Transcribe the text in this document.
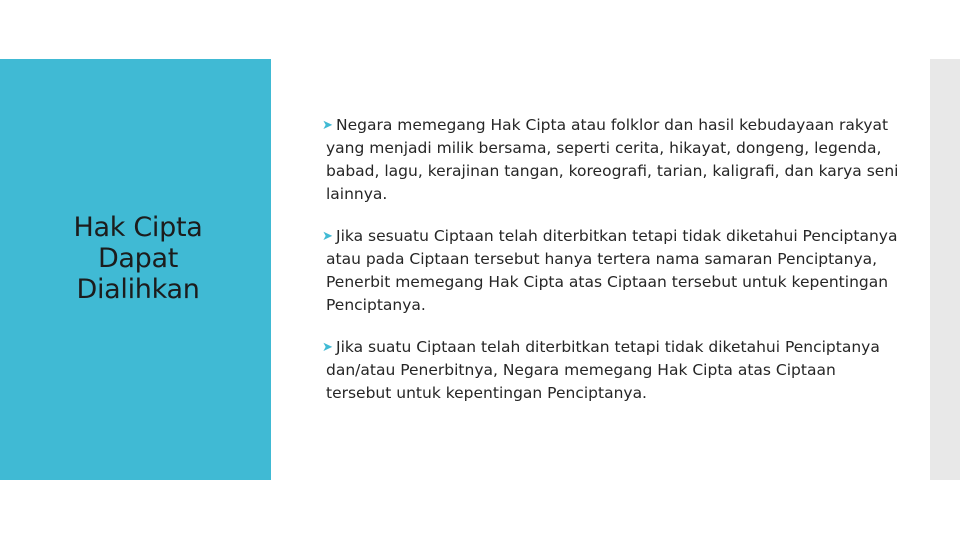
Hak Cipta
Dapat
Dialihkan
➤ Negara memegang Hak Cipta atau folklor dan hasil kebudayaan rakyat yang menjadi milik bersama, seperti cerita, hikayat, dongeng, legenda, babad, lagu, kerajinan tangan, koreografi, tarian, kaligrafi, dan karya seni lainnya.
➤ Jika sesuatu Ciptaan telah diterbitkan tetapi tidak diketahui Penciptanya atau pada Ciptaan tersebut hanya tertera nama samaran Penciptanya, Penerbit memegang Hak Cipta atas Ciptaan tersebut untuk kepentingan Penciptanya.
➤ Jika suatu Ciptaan telah diterbitkan tetapi tidak diketahui Penciptanya dan/atau Penerbitnya, Negara memegang Hak Cipta atas Ciptaan tersebut untuk kepentingan Penciptanya.
